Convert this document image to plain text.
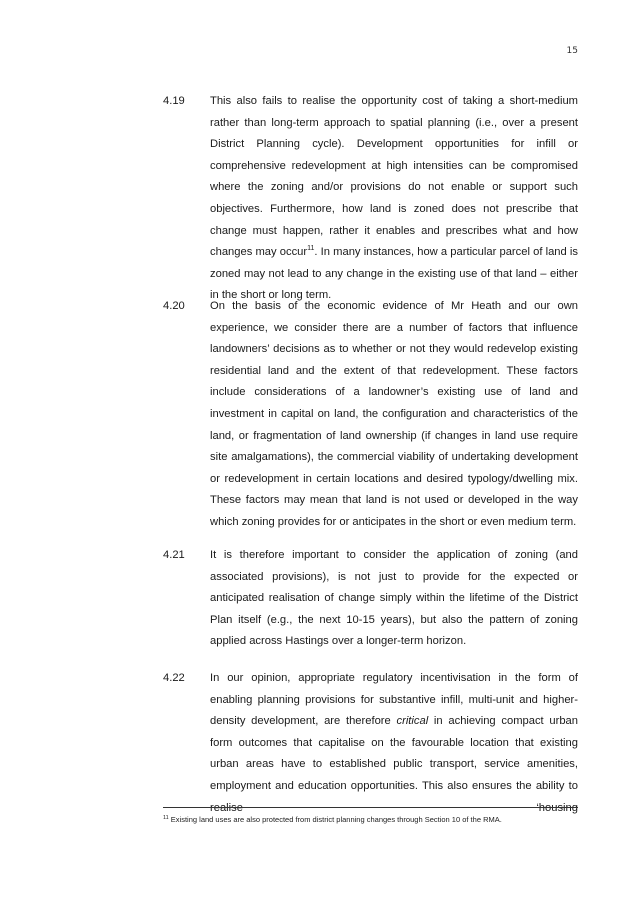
15
4.19	This also fails to realise the opportunity cost of taking a short-medium rather than long-term approach to spatial planning (i.e., over a present District Planning cycle). Development opportunities for infill or comprehensive redevelopment at high intensities can be compromised where the zoning and/or provisions do not enable or support such objectives. Furthermore, how land is zoned does not prescribe that change must happen, rather it enables and prescribes what and how changes may occur$^{11}$. In many instances, how a particular parcel of land is zoned may not lead to any change in the existing use of that land – either in the short or long term.
4.20	On the basis of the economic evidence of Mr Heath and our own experience, we consider there are a number of factors that influence landowners’ decisions as to whether or not they would redevelop existing residential land and the extent of that redevelopment. These factors include considerations of a landowner’s existing use of land and investment in capital on land, the configuration and characteristics of the land, or fragmentation of land ownership (if changes in land use require site amalgamations), the commercial viability of undertaking development or redevelopment in certain locations and desired typology/dwelling mix. These factors may mean that land is not used or developed in the way which zoning provides for or anticipates in the short or even medium term.
4.21	It is therefore important to consider the application of zoning (and associated provisions), is not just to provide for the expected or anticipated realisation of change simply within the lifetime of the District Plan itself (e.g., the next 10-15 years), but also the pattern of zoning applied across Hastings over a longer-term horizon.
4.22	In our opinion, appropriate regulatory incentivisation in the form of enabling planning provisions for substantive infill, multi-unit and higher-density development, are therefore critical in achieving compact urban form outcomes that capitalise on the favourable location that existing urban areas have to established public transport, service amenities, employment and education opportunities. This also ensures the ability to realise ‘housing
$^{11}$ Existing land uses are also protected from district planning changes through Section 10 of the RMA.
